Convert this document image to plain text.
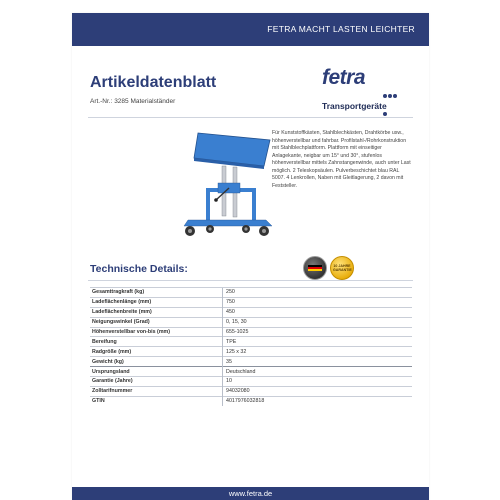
FETRA MACHT LASTEN LEICHTER
Artikeldatenblatt
Art.-Nr.: 3285 Materialständer
fetra
Transportgeräte
Für Kunststoffkästen, Stahlblechkästen, Drahtkörbe usw., höhenverstellbar und fahrbar. Profilstahl-/Rohrkonstruktion mit Stahlblechplattform. Plattform mit einseitiger Anlagekante, neigbar um 15° und 30°, stufenlos höhenverstellbar mittels Zahnstangenwinde, auch unter Last möglich. 2 Teleskopsäulen. Pulverbeschichtet blau RAL 5007. 4 Lenkrollen, Naben mit Gleitlagerung, 2 davon mit Feststeller.
Technische Details:	10 JAHRE GARANTIE
Gesamttragkraft (kg)	250
Ladeflächenlänge (mm)	750
Ladeflächenbreite (mm)	450
Neigungswinkel (Grad)	0, 15, 30
Höhenverstellbar von-bis (mm)	655-1025
Bereifung	TPE
Radgröße (mm)	125 x 32
Gewicht (kg)	35
Ursprungsland	Deutschland
Garantie (Jahre)	10
Zolltarifnummer	94032080
GTIN	4017976032818
www.fetra.de
